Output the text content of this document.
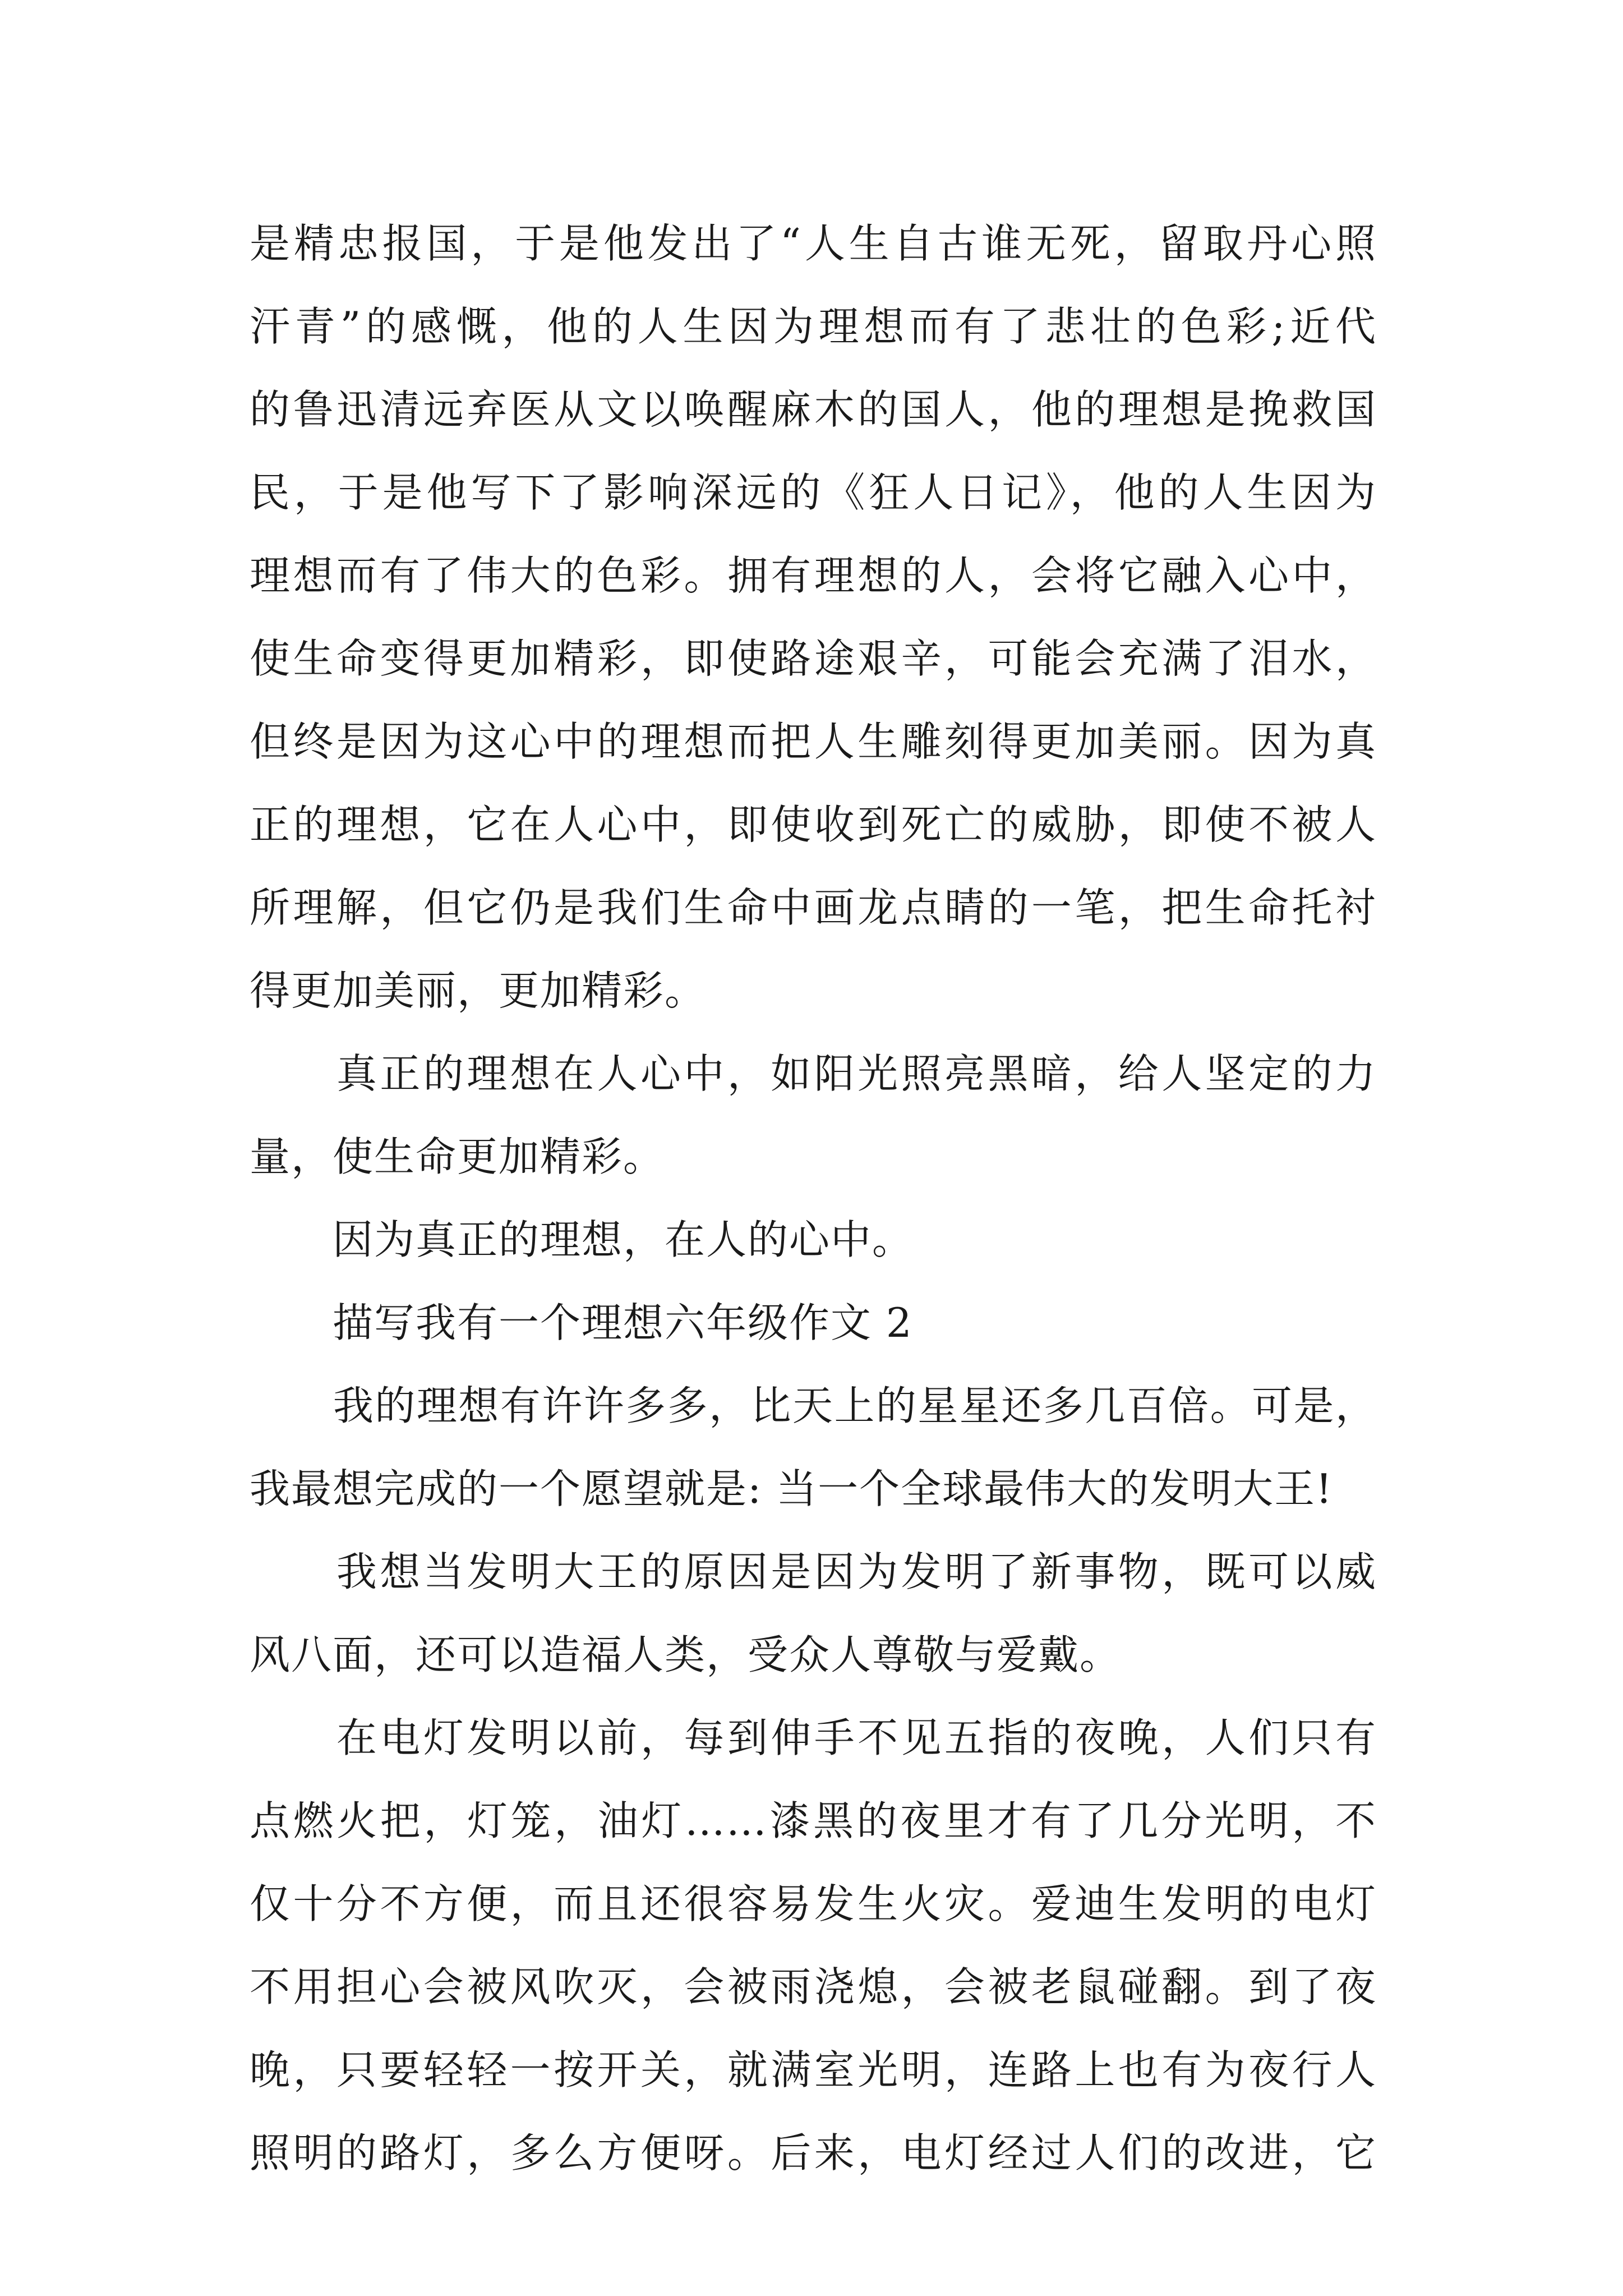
是精忠报国，于是他发出了“人生自古谁无死，留取丹心照
汗青”的感慨，他的人生因为理想而有了悲壮的色彩;近代
的鲁迅清远弃医从文以唤醒麻木的国人，他的理想是挽救国
民，于是他写下了影响深远的《狂人日记》，他的人生因为
理想而有了伟大的色彩。拥有理想的人，会将它融入心中，
使生命变得更加精彩，即使路途艰辛，可能会充满了泪水，
但终是因为这心中的理想而把人生雕刻得更加美丽。因为真
正的理想，它在人心中，即使收到死亡的威胁，即使不被人
所理解，但它仍是我们生命中画龙点睛的一笔，把生命托衬
得更加美丽，更加精彩。
　　真正的理想在人心中，如阳光照亮黑暗，给人坚定的力
量，使生命更加精彩。
　　因为真正的理想，在人的心中。
　　描写我有一个理想六年级作文 2
　　我的理想有许许多多，比天上的星星还多几百倍。可是，
我最想完成的一个愿望就是: 当一个全球最伟大的发明大王!
　　我想当发明大王的原因是因为发明了新事物，既可以威
风八面，还可以造福人类，受众人尊敬与爱戴。
　　在电灯发明以前，每到伸手不见五指的夜晚，人们只有
点燃火把，灯笼，油灯……漆黑的夜里才有了几分光明，不
仅十分不方便，而且还很容易发生火灾。爱迪生发明的电灯
不用担心会被风吹灭，会被雨浇熄，会被老鼠碰翻。到了夜
晚，只要轻轻一按开关，就满室光明，连路上也有为夜行人
照明的路灯，多么方便呀。后来，电灯经过人们的改进，它
